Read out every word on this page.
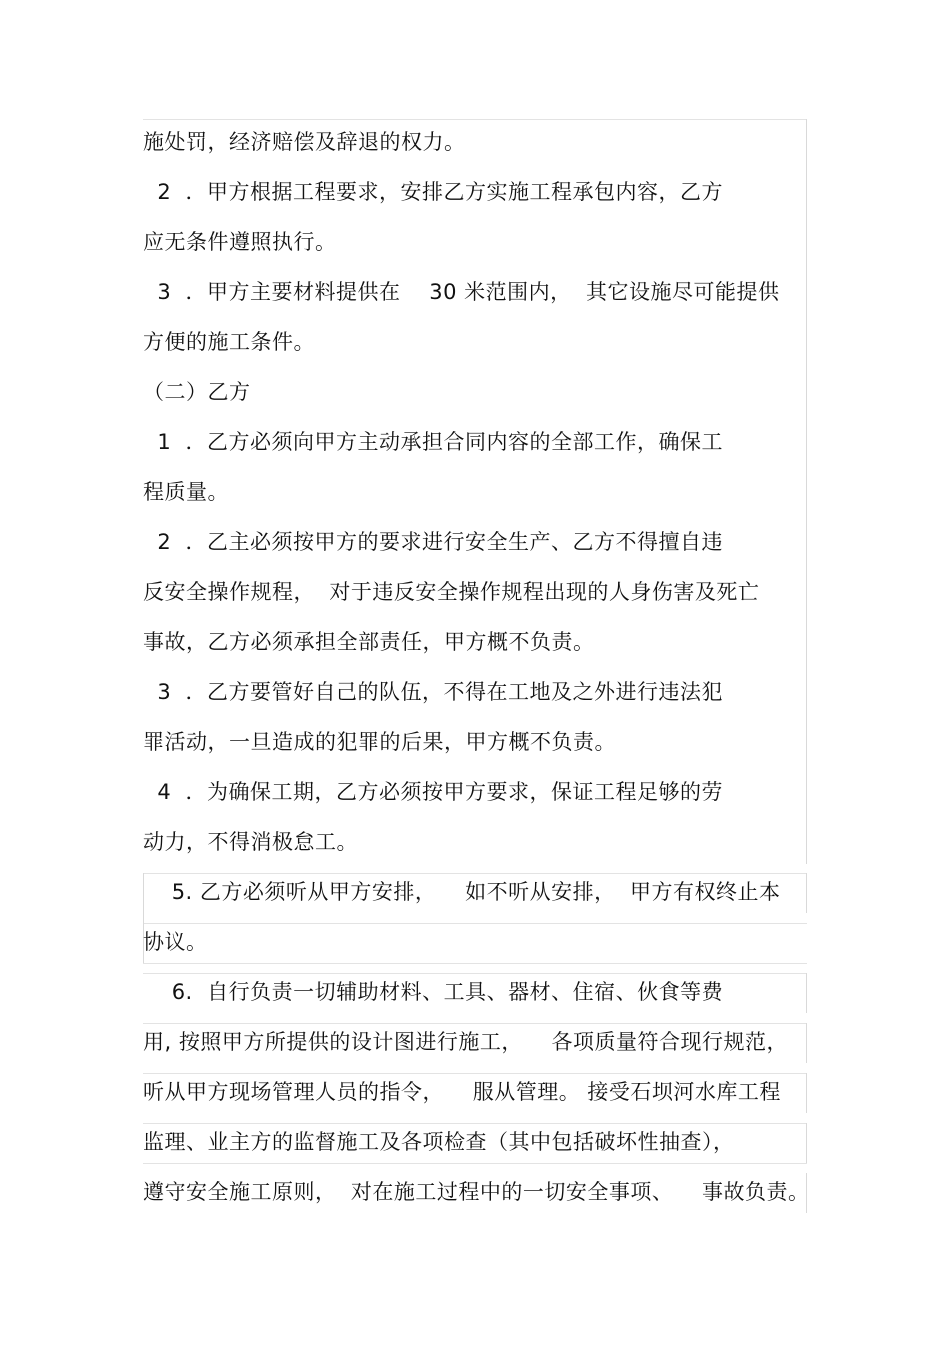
施处罚，经济赔偿及辞退的权力。
2  ．甲方根据工程要求，安排乙方实施工程承包内容，乙方
应无条件遵照执行。
3  ．甲方主要材料提供在    30 米范围内，  其它设施尽可能提供
方便的施工条件。
（二）乙方
1  ．乙方必须向甲方主动承担合同内容的全部工作，确保工
程质量。
2  ．乙主必须按甲方的要求进行安全生产、乙方不得擅自违
反安全操作规程，  对于违反安全操作规程出现的人身伤害及死亡
事故，乙方必须承担全部责任，甲方概不负责。
3  ．乙方要管好自己的队伍，不得在工地及之外进行违法犯
罪活动，一旦造成的犯罪的后果，甲方概不负责。
4  ．为确保工期，乙方必须按甲方要求，保证工程足够的劳
动力，不得消极怠工。
5. 乙方必须听从甲方安排，    如不听从安排，  甲方有权终止本
协议。
6.  自行负责一切辅助材料、工具、器材、住宿、伙食等费
用, 按照甲方所提供的设计图进行施工，    各项质量符合现行规范，
听从甲方现场管理人员的指令，    服从管理。 接受石坝河水库工程
监理、业主方的监督施工及各项检查（其中包括破坏性抽查），
遵守安全施工原则，  对在施工过程中的一切安全事项、    事故负责。
